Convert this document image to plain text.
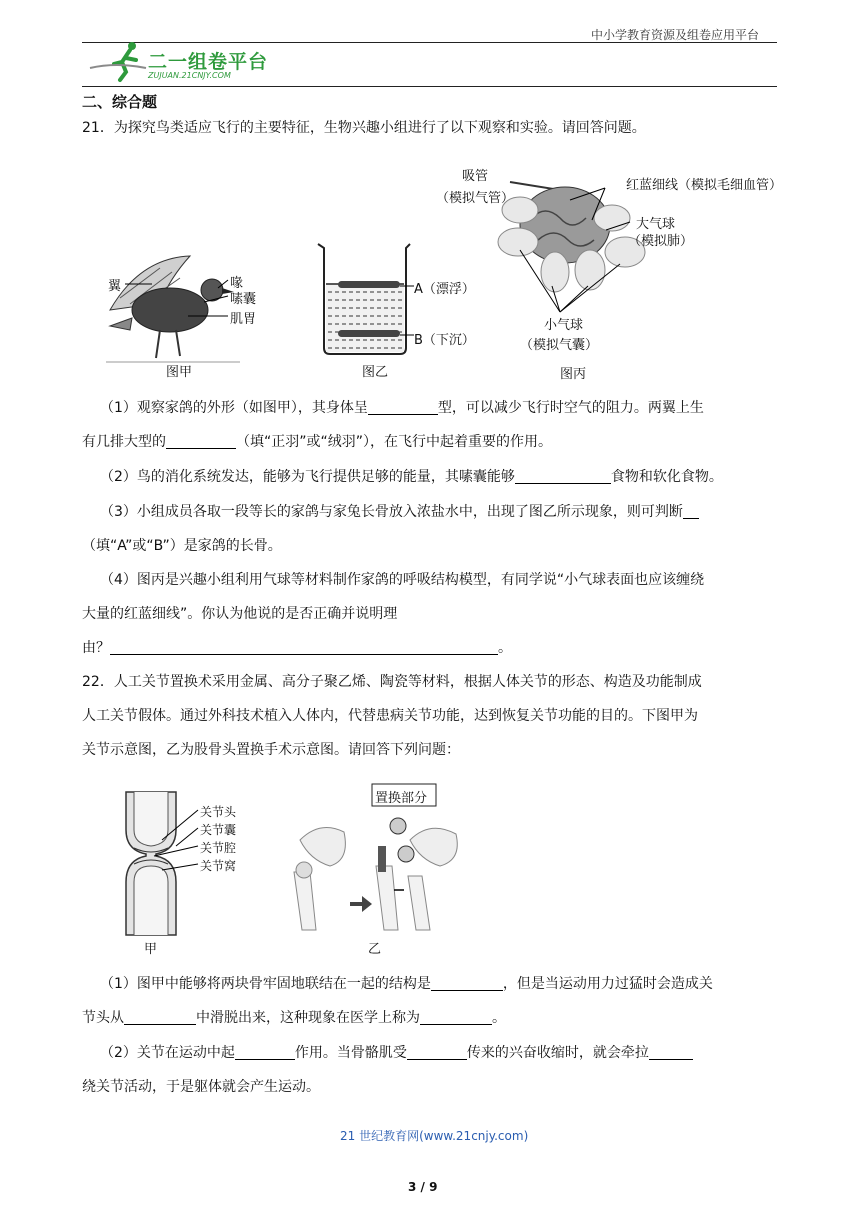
中小学教育资源及组卷应用平台
二一组卷平台
ZUJUAN.21CNJY.COM
二、综合题
21．为探究鸟类适应飞行的主要特征，生物兴趣小组进行了以下观察和实验。请回答问题。
翼	喙
嗉囊
肌胃
图甲
A（漂浮）
B（下沉）
图乙
吸管
（模拟气管）
红蓝细线（模拟毛细血管）
大气球
（模拟肺）
小气球
（模拟气囊）
图丙
（1）观察家鸽的外形（如图甲），其身体呈	型，可以减少飞行时空气的阻力。两翼上生
有几排大型的	（填“正羽”或“绒羽”），在飞行中起着重要的作用。
（2）鸟的消化系统发达，能够为飞行提供足够的能量，其嗉囊能够	食物和软化食物。
（3）小组成员各取一段等长的家鸽与家兔长骨放入浓盐水中，出现了图乙所示现象，则可判断
（填“A”或“B”）是家鸽的长骨。
（4）图丙是兴趣小组利用气球等材料制作家鸽的呼吸结构模型，有同学说“小气球表面也应该缠绕
大量的红蓝细线”。你认为他说的是否正确并说明理
由？	。
22．人工关节置换术采用金属、高分子聚乙烯、陶瓷等材料，根据人体关节的形态、构造及功能制成
人工关节假体。通过外科技术植入人体内，代替患病关节功能，达到恢复关节功能的目的。下图甲为
关节示意图，乙为股骨头置换手术示意图。请回答下列问题：
关节头
关节囊
关节腔
关节窝
甲
置换部分
乙
（1）图甲中能够将两块骨牢固地联结在一起的结构是	，但是当运动用力过猛时会造成关
节头从	中滑脱出来，这种现象在医学上称为	。
（2）关节在运动中起	作用。当骨骼肌受	传来的兴奋收缩时，就会牵拉
绕关节活动，于是躯体就会产生运动。
21 世纪教育网(www.21cnjy.com)
3 / 9
